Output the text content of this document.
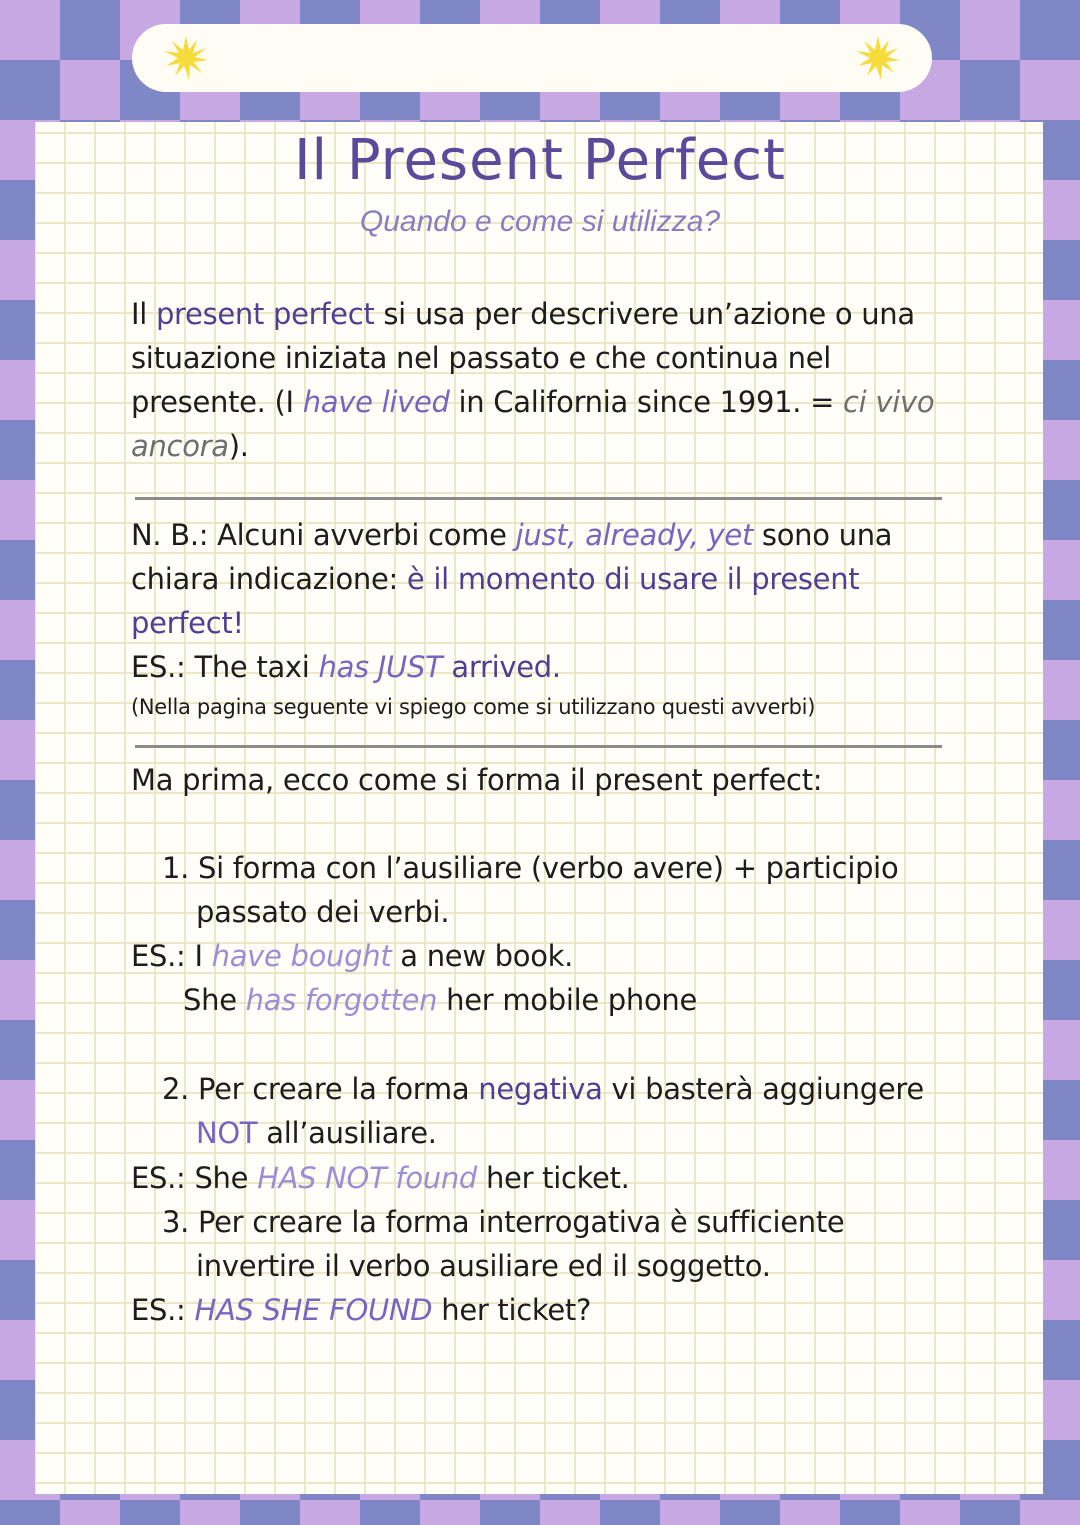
Il Present Perfect
Quando e come si utilizza?
Il present perfect si usa per descrivere un’azione o una
situazione iniziata nel passato e che continua nel
presente. (I have lived in California since 1991. = ci vivo
ancora).
N. B.: Alcuni avverbi come just, already, yet sono una
chiara indicazione: è il momento di usare il present
perfect!
ES.: The taxi has JUST arrived.
(Nella pagina seguente vi spiego come si utilizzano questi avverbi)
Ma prima, ecco come si forma il present perfect:
1. Si forma con l’ausiliare (verbo avere) + participio
passato dei verbi.
ES.: I have bought a new book.
She has forgotten her mobile phone
2. Per creare la forma negativa vi basterà aggiungere
NOT all’ausiliare.
ES.: She HAS NOT found her ticket.
3. Per creare la forma interrogativa è sufficiente
invertire il verbo ausiliare ed il soggetto.
ES.: HAS SHE FOUND her ticket?
